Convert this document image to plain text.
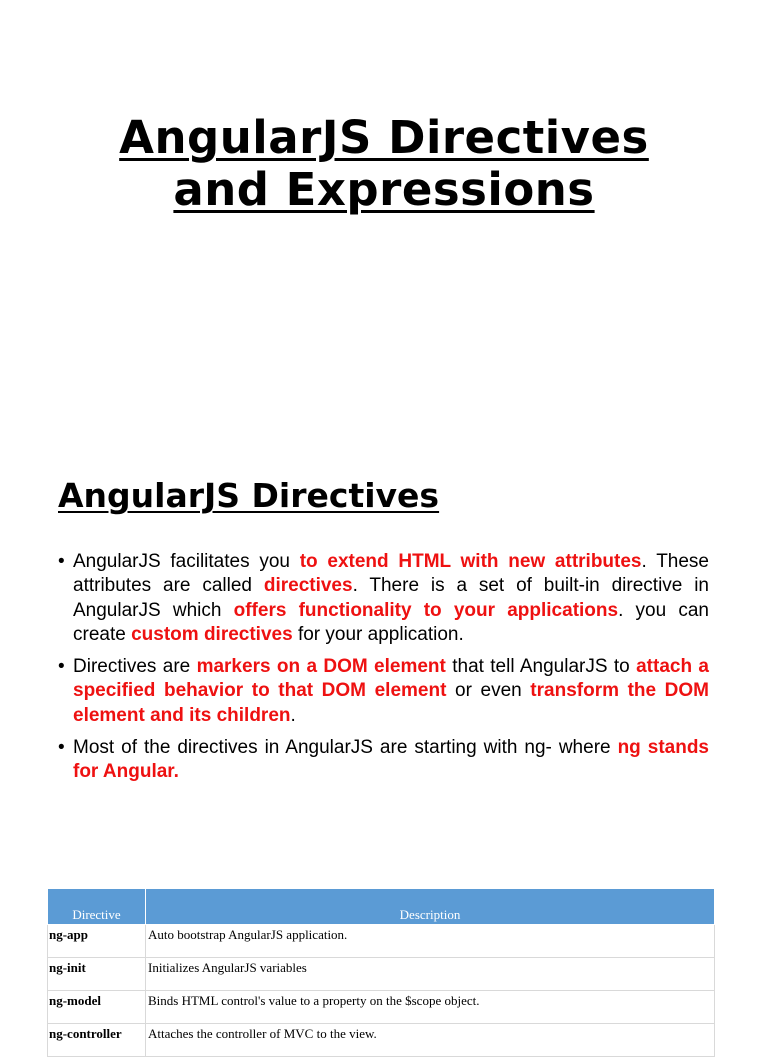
AngularJS Directives
and Expressions
AngularJS Directives
• AngularJS facilitates you to extend HTML with new attributes. These attributes are called directives. There is a set of built-in directive in AngularJS which offers functionality to your applications. you can create custom directives for your application.
• Directives are markers on a DOM element that tell AngularJS to attach a specified behavior to that DOM element or even transform the DOM element and its children.
• Most of the directives in AngularJS are starting with ng- where ng stands for Angular.
Directive	Description
ng-app	Auto bootstrap AngularJS application.
ng-init	Initializes AngularJS variables
ng-model	Binds HTML control's value to a property on the $scope object.
ng-controller	Attaches the controller of MVC to the view.
